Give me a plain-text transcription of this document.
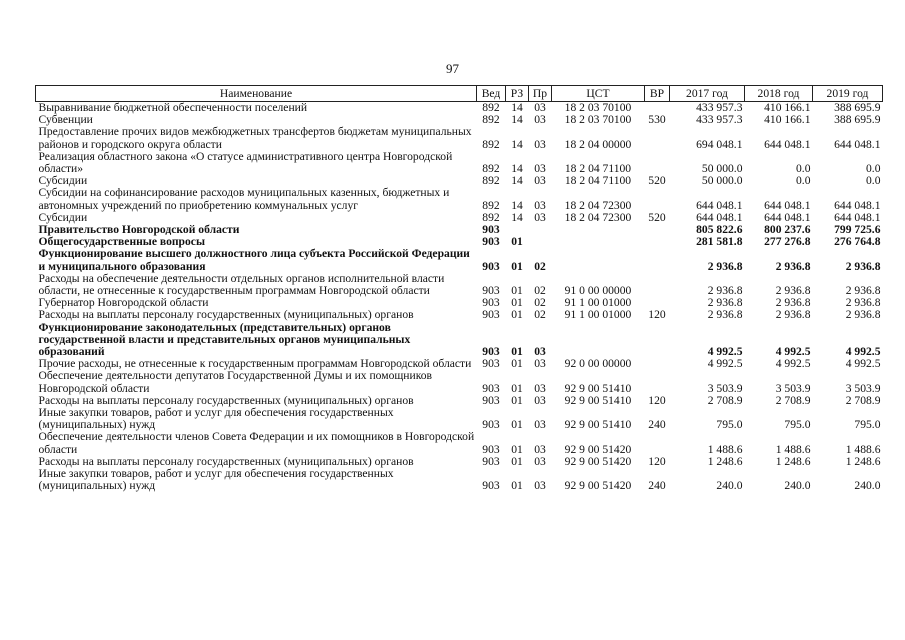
97
Наименование	Вед	РЗ	Пр	ЦСТ	ВР	2017 год	2018 год	2019 год
Выравнивание бюджетной обеспеченности поселений	892	14	03	18 2 03 70100		433 957.3	410 166.1	388 695.9
Субвенции	892	14	03	18 2 03 70100	530	433 957.3	410 166.1	388 695.9
Предоставление прочих видов межбюджетных трансфертов бюджетам муниципальных районов и городского округа области	892	14	03	18 2 04 00000		694 048.1	644 048.1	644 048.1
Реализация областного закона «О статусе административного центра Новгородской области»	892	14	03	18 2 04 71100		50 000.0	0.0	0.0
Субсидии	892	14	03	18 2 04 71100	520	50 000.0	0.0	0.0
Субсидии на софинансирование расходов муниципальных казенных, бюджетных и автономных учреждений по приобретению коммунальных услуг	892	14	03	18 2 04 72300		644 048.1	644 048.1	644 048.1
Субсидии	892	14	03	18 2 04 72300	520	644 048.1	644 048.1	644 048.1
Правительство Новгородской области	903					805 822.6	800 237.6	799 725.6
Общегосударственные вопросы	903	01				281 581.8	277 276.8	276 764.8
Функционирование высшего должностного лица субъекта Российской Федерации и муниципального образования	903	01	02			2 936.8	2 936.8	2 936.8
Расходы на обеспечение деятельности отдельных органов исполнительной власти области, не отнесенные к государственным программам Новгородской области	903	01	02	91 0 00 00000		2 936.8	2 936.8	2 936.8
Губернатор Новгородской области	903	01	02	91 1 00 01000		2 936.8	2 936.8	2 936.8
Расходы на выплаты персоналу государственных (муниципальных) органов	903	01	02	91 1 00 01000	120	2 936.8	2 936.8	2 936.8
Функционирование законодательных (представительных) органов государственной власти и представительных органов муниципальных образований	903	01	03			4 992.5	4 992.5	4 992.5
Прочие расходы, не отнесенные к государственным программам Новгородской области	903	01	03	92 0 00 00000		4 992.5	4 992.5	4 992.5
Обеспечение деятельности депутатов Государственной Думы и их помощников Новгородской области	903	01	03	92 9 00 51410		3 503.9	3 503.9	3 503.9
Расходы на выплаты персоналу государственных (муниципальных) органов	903	01	03	92 9 00 51410	120	2 708.9	2 708.9	2 708.9
Иные закупки товаров, работ и услуг для обеспечения государственных (муниципальных) нужд	903	01	03	92 9 00 51410	240	795.0	795.0	795.0
Обеспечение деятельности членов Совета Федерации и их помощников в Новгородской области	903	01	03	92 9 00 51420		1 488.6	1 488.6	1 488.6
Расходы на выплаты персоналу государственных (муниципальных) органов	903	01	03	92 9 00 51420	120	1 248.6	1 248.6	1 248.6
Иные закупки товаров, работ и услуг для обеспечения государственных (муниципальных) нужд	903	01	03	92 9 00 51420	240	240.0	240.0	240.0
